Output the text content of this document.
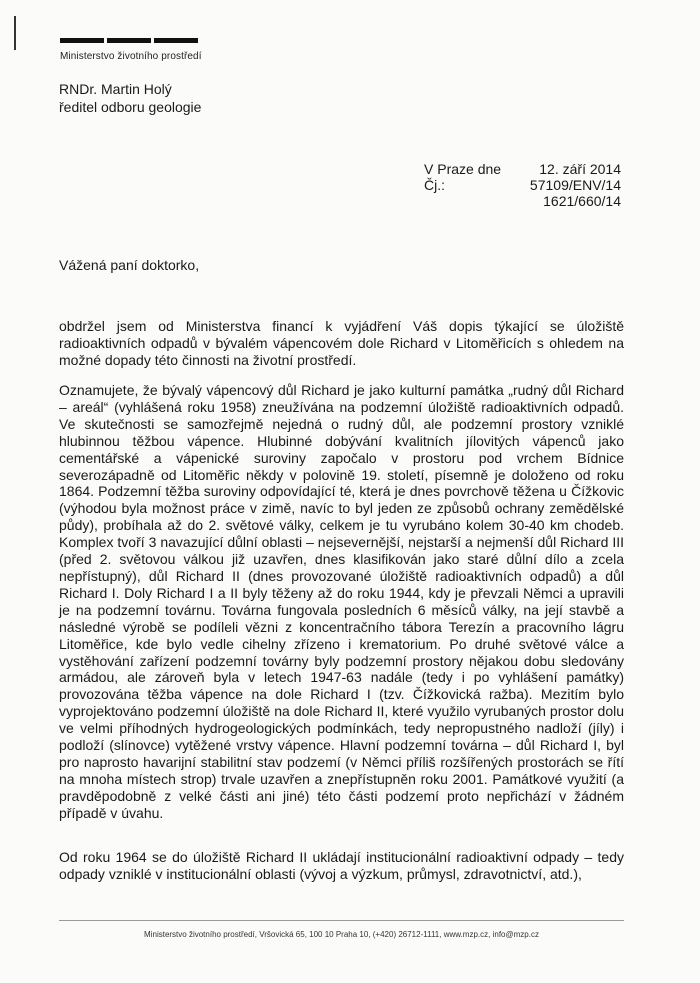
Ministerstvo životního prostředí
RNDr. Martin Holý
ředitel odboru geologie
V Praze dne
Čj.:
12. září 2014
57109/ENV/14
1621/660/14
Vážená paní doktorko,

obdržel jsem od Ministerstva financí k vyjádření Váš dopis týkající se úložiště radioaktivních odpadů v bývalém vápencovém dole Richard v Litoměřicích s ohledem na možné dopady této činnosti na životní prostředí.

Oznamujete, že bývalý vápencový důl Richard je jako kulturní památka „rudný důl Richard – areál“ (vyhlášená roku 1958) zneužívána na podzemní úložiště radioaktivních odpadů. Ve skutečnosti se samozřejmě nejedná o rudný důl, ale podzemní prostory vzniklé hlubinnou těžbou vápence. Hlubinné dobývání kvalitních jílovitých vápenců jako cementářské a vápenické suroviny započalo v prostoru pod vrchem Bídnice severozápadně od Litoměřic někdy v polovině 19. století, písemně je doloženo od roku 1864. Podzemní těžba suroviny odpovídající té, která je dnes povrchově těžena u Čížkovic (výhodou byla možnost práce v zimě, navíc to byl jeden ze způsobů ochrany zemědělské půdy), probíhala až do 2. světové války, celkem je tu vyrubáno kolem 30-40 km chodeb. Komplex tvoří 3 navazující důlní oblasti – nejsevernější, nejstarší a nejmenší důl Richard III (před 2. světovou válkou již uzavřen, dnes klasifikován jako staré důlní dílo a zcela nepřístupný), důl Richard II (dnes provozované úložiště radioaktivních odpadů) a důl Richard I. Doly Richard I a II byly těženy až do roku 1944, kdy je převzali Němci a upravili je na podzemní továrnu. Továrna fungovala posledních 6 měsíců války, na její stavbě a následné výrobě se podíleli vězni z koncentračního tábora Terezín a pracovního lágru Litoměřice, kde bylo vedle cihelny zřízeno i krematorium. Po druhé světové válce a vystěhování zařízení podzemní továrny byly podzemní prostory nějakou dobu sledovány armádou, ale zároveň byla v letech 1947-63 nadále (tedy i po vyhlášení památky) provozována těžba vápence na dole Richard I (tzv. Čížkovická ražba). Mezitím bylo vyprojektováno podzemní úložiště na dole Richard II, které využilo vyrubaných prostor dolu ve velmi příhodných hydrogeologických podmínkách, tedy nepropustného nadloží (jíly) i podloží (slínovce) vytěžené vrstvy vápence. Hlavní podzemní továrna – důl Richard I, byl pro naprosto havarijní stabilitní stav podzemí (v Němci příliš rozšířených prostorách se řítí na mnoha místech strop) trvale uzavřen a znepřístupněn roku 2001. Památkové využití (a pravděpodobně z velké části ani jiné) této části podzemí proto nepřichází v žádném případě v úvahu.

Od roku 1964 se do úložiště Richard II ukládají institucionální radioaktivní odpady – tedy odpady vzniklé v institucionální oblasti (vývoj a výzkum, průmysl, zdravotnictví, atd.),

Ministerstvo životního prostředí, Vršovická 65, 100 10 Praha 10, (+420) 26712-1111, www.mzp.cz, info@mzp.cz
